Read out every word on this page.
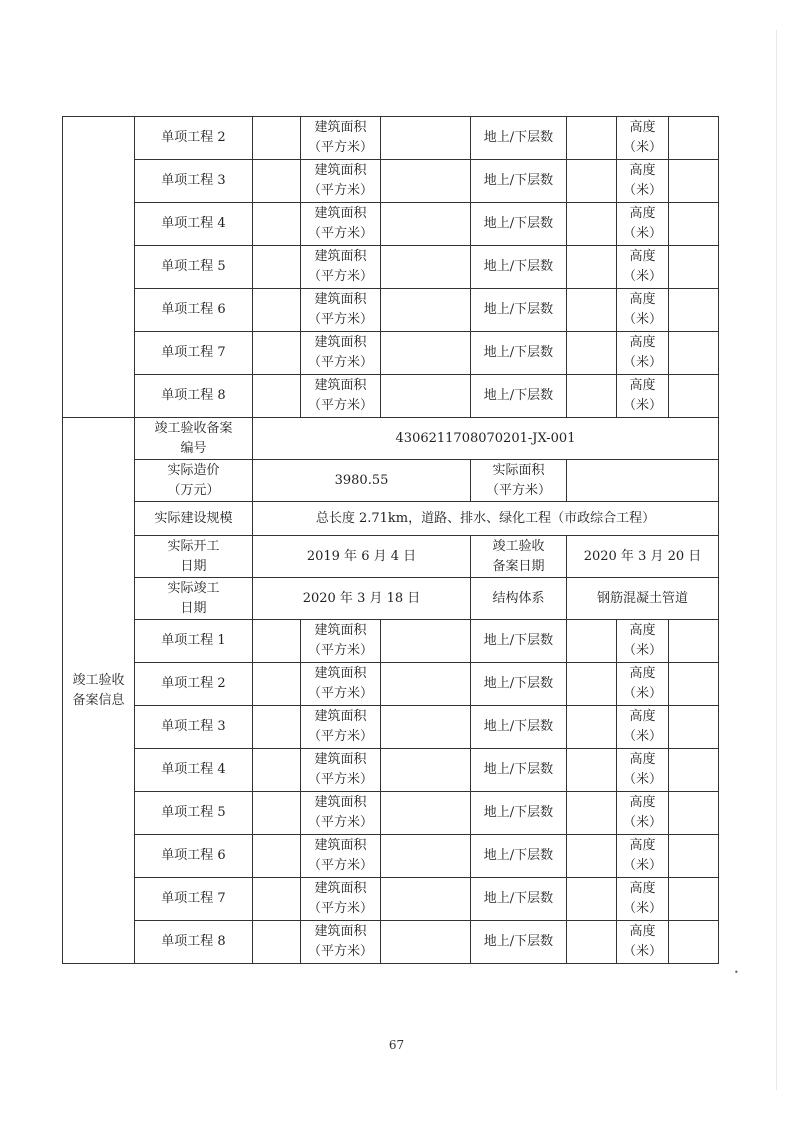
	单项工程 2		建筑面积
（平方米）		地上/下层数		高度
（米）	
	单项工程 3		建筑面积
（平方米）		地上/下层数		高度
（米）	
	单项工程 4		建筑面积
（平方米）		地上/下层数		高度
（米）	
	单项工程 5		建筑面积
（平方米）		地上/下层数		高度
（米）	
	单项工程 6		建筑面积
（平方米）		地上/下层数		高度
（米）	
	单项工程 7		建筑面积
（平方米）		地上/下层数		高度
（米）	
	单项工程 8		建筑面积
（平方米）		地上/下层数		高度
（米）	
竣工验收
备案信息	竣工验收备案
编号	4306211708070201-JX-001						
	实际造价
（万元）	3980.55			实际面积
（平方米）			
	实际建设规模	总长度 2.71km，道路、排水、绿化工程（市政综合工程）						
	实际开工
日期	2019 年 6 月 4 日			竣工验收
备案日期	2020 年 3 月 20 日		
	实际竣工
日期	2020 年 3 月 18 日			结构体系	钢筋混凝土管道		
	单项工程 1		建筑面积
（平方米）		地上/下层数		高度
（米）	
	单项工程 2		建筑面积
（平方米）		地上/下层数		高度
（米）	
	单项工程 3		建筑面积
（平方米）		地上/下层数		高度
（米）	
	单项工程 4		建筑面积
（平方米）		地上/下层数		高度
（米）	
	单项工程 5		建筑面积
（平方米）		地上/下层数		高度
（米）	
	单项工程 6		建筑面积
（平方米）		地上/下层数		高度
（米）	
	单项工程 7		建筑面积
（平方米）		地上/下层数		高度
（米）	
	单项工程 8		建筑面积
（平方米）		地上/下层数		高度
（米）	
67
•
